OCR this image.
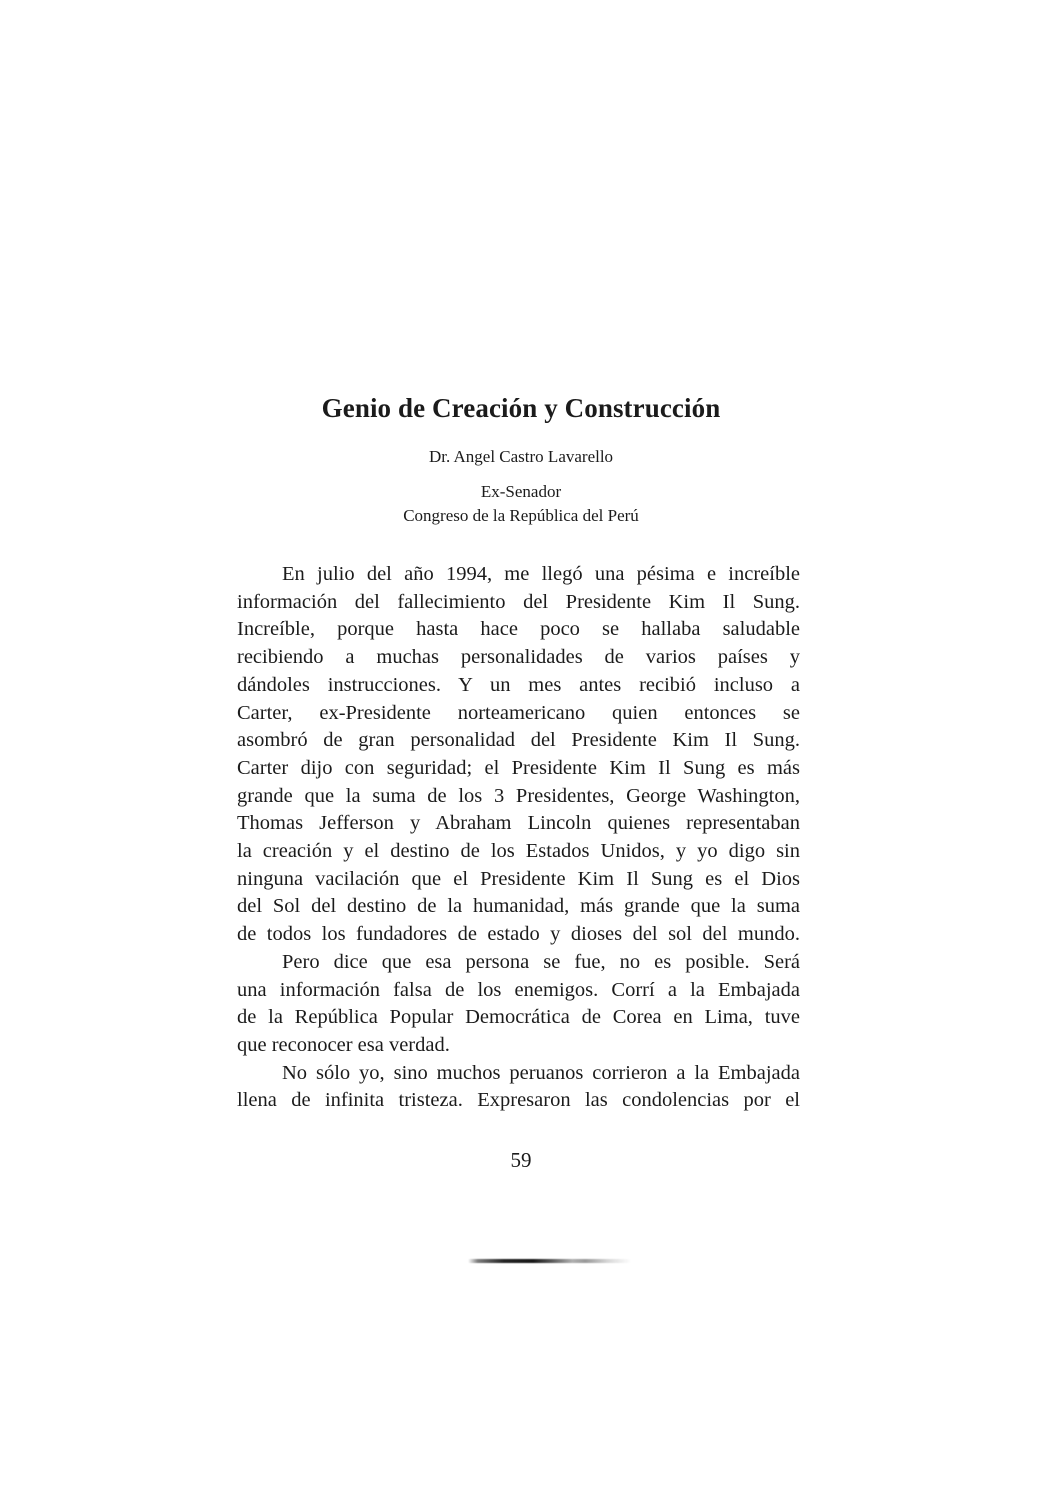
Genio de Creación y Construcción
Dr. Angel Castro Lavarello
Ex-Senador
Congreso de la República del Perú
En julio del año 1994, me llegó una pésima e increíble
información del fallecimiento del Presidente Kim Il Sung.
Increíble, porque hasta hace poco se hallaba saludable
recibiendo a muchas personalidades de varios países y
dándoles instrucciones. Y un mes antes recibió incluso a
Carter, ex-Presidente norteamericano quien entonces se
asombró de gran personalidad del Presidente Kim Il Sung.
Carter dijo con seguridad; el Presidente Kim Il Sung es más
grande que la suma de los 3 Presidentes, George Washington,
Thomas Jefferson y Abraham Lincoln quienes representaban
la creación y el destino de los Estados Unidos, y yo digo sin
ninguna vacilación que el Presidente Kim Il Sung es el Dios
del Sol del destino de la humanidad, más grande que la suma
de todos los fundadores de estado y dioses del sol del mundo.
Pero dice que esa persona se fue, no es posible. Será
una información falsa de los enemigos. Corrí a la Embajada
de la República Popular Democrática de Corea en Lima, tuve
que reconocer esa verdad.
No sólo yo, sino muchos peruanos corrieron a la Embajada
llena de infinita tristeza. Expresaron las condolencias por el
59
